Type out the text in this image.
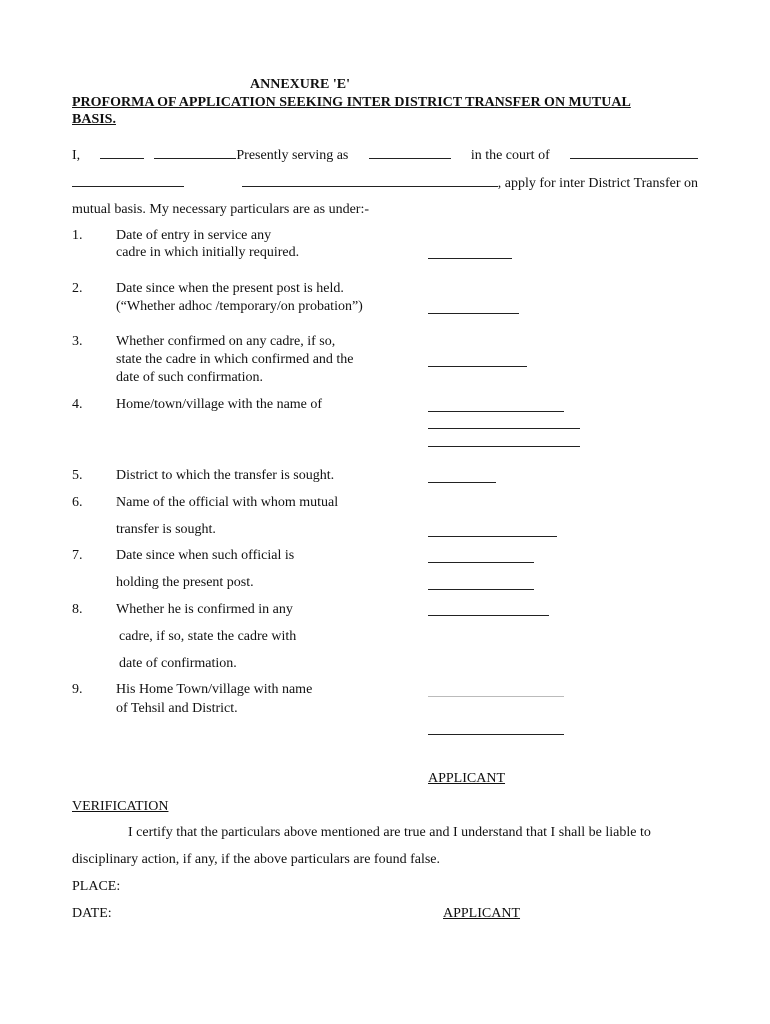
ANNEXURE 'E'
PROFORMA OF APPLICATION SEEKING INTER DISTRICT TRANSFER ON MUTUAL
BASIS.
I,	Presently serving as	in the court of
, apply for inter District Transfer on
mutual basis. My necessary particulars are as under:-
1. Date of entry in service any
cadre in which initially required.
2. Date since when the present post is held.
(“Whether adhoc /temporary/on probation”)
3. Whether confirmed on any cadre, if so,
state the cadre in which confirmed and the
date of such confirmation.
4. Home/town/village with the name of
5. District to which the transfer is sought.
6. Name of the official with whom mutual
transfer is sought.
7. Date since when such official is
holding the present post.
8. Whether he is confirmed in any
cadre, if so, state the cadre with
date of confirmation.
9. His Home Town/village with name
of Tehsil and District.
APPLICANT
VERIFICATION
I certify that the particulars above mentioned are true and I understand that I shall be liable to
disciplinary action, if any, if the above particulars are found false.
PLACE:
DATE:	APPLICANT
